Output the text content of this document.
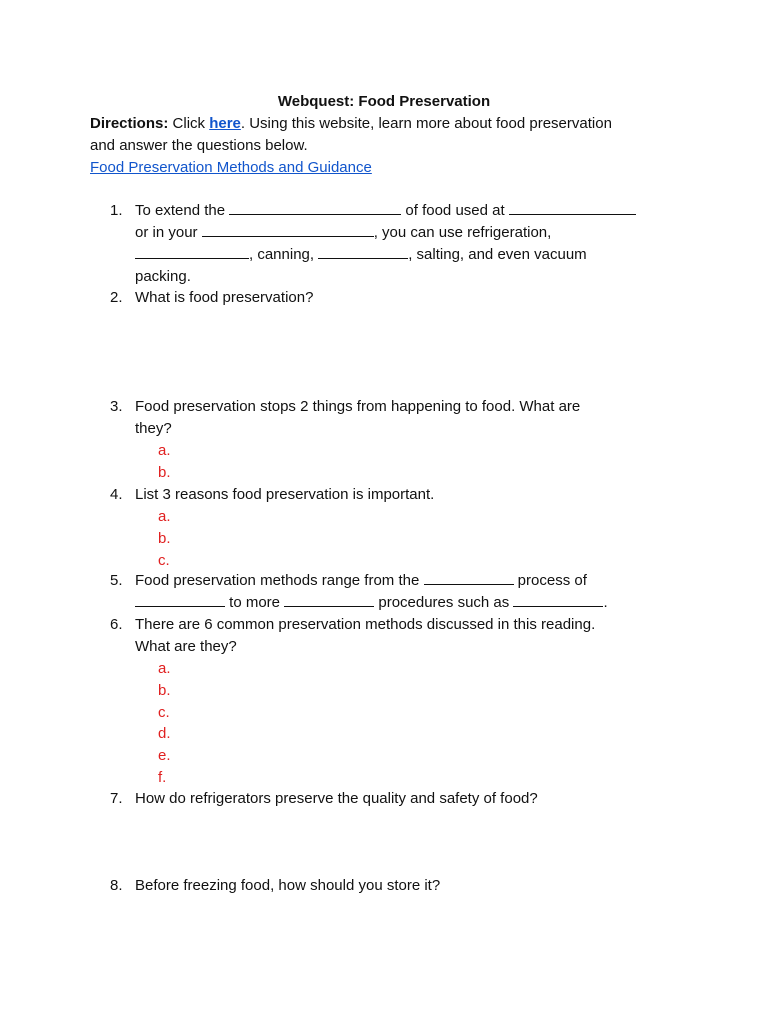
Webquest: Food Preservation
Directions: Click here. Using this website, learn more about food preservation
and answer the questions below.
Food Preservation Methods and Guidance
1. To extend the	of food used at
or in your	, you can use refrigeration,
, canning,	, salting, and even vacuum
packing.
2. What is food preservation?
3. Food preservation stops 2 things from happening to food. What are
they?
a.
b.
4. List 3 reasons food preservation is important.
a.
b.
c.
5. Food preservation methods range from the	process of
to more	procedures such as	.
6. There are 6 common preservation methods discussed in this reading.
What are they?
a.
b.
c.
d.
e.
f.
7. How do refrigerators preserve the quality and safety of food?
8. Before freezing food, how should you store it?
